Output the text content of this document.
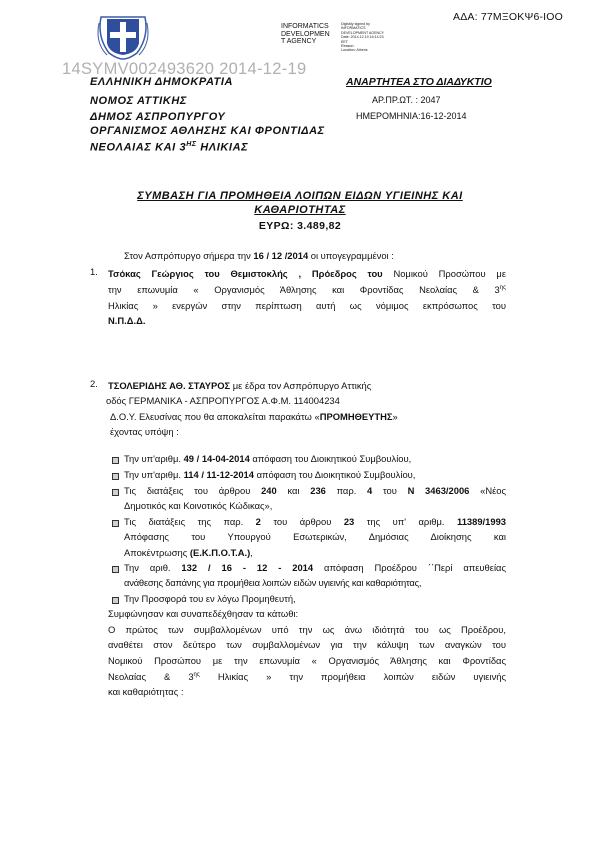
ΑΔΑ: 77ΜΞΟΚΨ6-ΙΟΟ
INFORMATICS
DEVELOPMEN
T AGENCY
Digitally signed by
INFORMATICS
DEVELOPMENT AGENCY
Date: 2014.12.19 16:14:23
EET
Reason:
Location: Athens
14SYMV002493620 2014-12-19
ΕΛΛΗΝΙΚΗ ΔΗΜΟΚΡΑΤΙΑ
ΝΟΜΟΣ ΑΤΤΙΚΗΣ
ΔΗΜΟΣ ΑΣΠΡΟΠΥΡΓΟΥ
ΟΡΓΑΝΙΣΜΟΣ ΑΘΛΗΣΗΣ ΚΑΙ ΦΡΟΝΤΙΔΑΣ
ΝΕΟΛΑΙΑΣ ΚΑΙ $3^{H\Sigma}$ ΗΛΙΚΙΑΣ
ΑΝΑΡΤΗΤΕΑ ΣΤΟ ΔΙΑΔΥΚΤΙΟ
ΑΡ.ΠΡ.ΩΤ. : 2047
ΗΜΕΡΟΜΗΝΙΑ:16-12-2014
ΣΥΜΒΑΣΗ ΓΙΑ ΠΡΟΜΗΘΕΙΑ ΛΟΙΠΩΝ ΕΙΔΩΝ ΥΓΙΕΙΝΗΣ ΚΑΙ
ΚΑΘΑΡΙΟΤΗΤΑΣ
ΕΥΡΩ: 3.489,82
Στον Ασπρόπυργο σήμερα την 16 / 12 /2014 οι υπογεγραμμένοι :
1. Τσόκας Γεώργιος του Θεμιστοκλής , Πρόεδρος του Νομικού Προσώπου με
την επωνυμία « Οργανισμός Άθλησης και Φροντίδας Νεολαίας & $3^{\eta\varsigma}$
Ηλικίας » ενεργών στην περίπτωση αυτή ως νόμιμος εκπρόσωπος του
Ν.Π.Δ.Δ.
2. ΤΣΟΛΕΡΙΔΗΣ ΑΘ. ΣΤΑΥΡΟΣ με έδρα τον Ασπρόπυργο Αττικής
οδός ΓΕΡΜΑΝΙΚΑ - ΑΣΠΡΟΠΥΡΓΟΣ Α.Φ.Μ. 114004234
Δ.Ο.Υ. Ελευσίνας που θα αποκαλείται παρακάτω «ΠΡΟΜΗΘΕΥΤΗΣ»
έχοντας υπόψη :
Την υπ'αριθμ. 49 / 14-04-2014 απόφαση του Διοικητικού Συμβουλίου,
Την υπ'αριθμ. 114 / 11-12-2014 απόφαση του Διοικητικού Συμβουλίου,
Τις διατάξεις του άρθρου 240 και 236 παρ. 4 του Ν 3463/2006 «Νέος
Δημοτικός και Κοινοτικός Κώδικας»,
Τις διατάξεις της παρ. 2 του άρθρου 23 της υπ' αριθμ. 11389/1993
Απόφασης του Υπουργού Εσωτερικών, Δημόσιας Διοίκησης και
Αποκέντρωσης (Ε.Κ.Π.Ο.Τ.Α.),
Την αριθ. 132 / 16 - 12 - 2014 απόφαση Προέδρου ΄΄Περί απευθείας
ανάθεσης δαπάνης για προμήθεια λοιπών ειδών υγιεινής και καθαριότητας,
Την Προσφορά του εν λόγω Προμηθευτή,
Συμφώνησαν και συναπεδέχθησαν τα κάτωθι:
Ο πρώτος των συμβαλλομένων υπό την ως άνω ιδιότητά του ως Προέδρου,
αναθέτει στον δεύτερο των συμβαλλομένων για την κάλυψη των αναγκών του
Νομικού Προσώπου με την επωνυμία « Οργανισμός Άθλησης και Φροντίδας
Νεολαίας & $3^{\eta\varsigma}$ Ηλικίας » την προμήθεια λοιπών ειδών υγιεινής
και καθαριότητας :
